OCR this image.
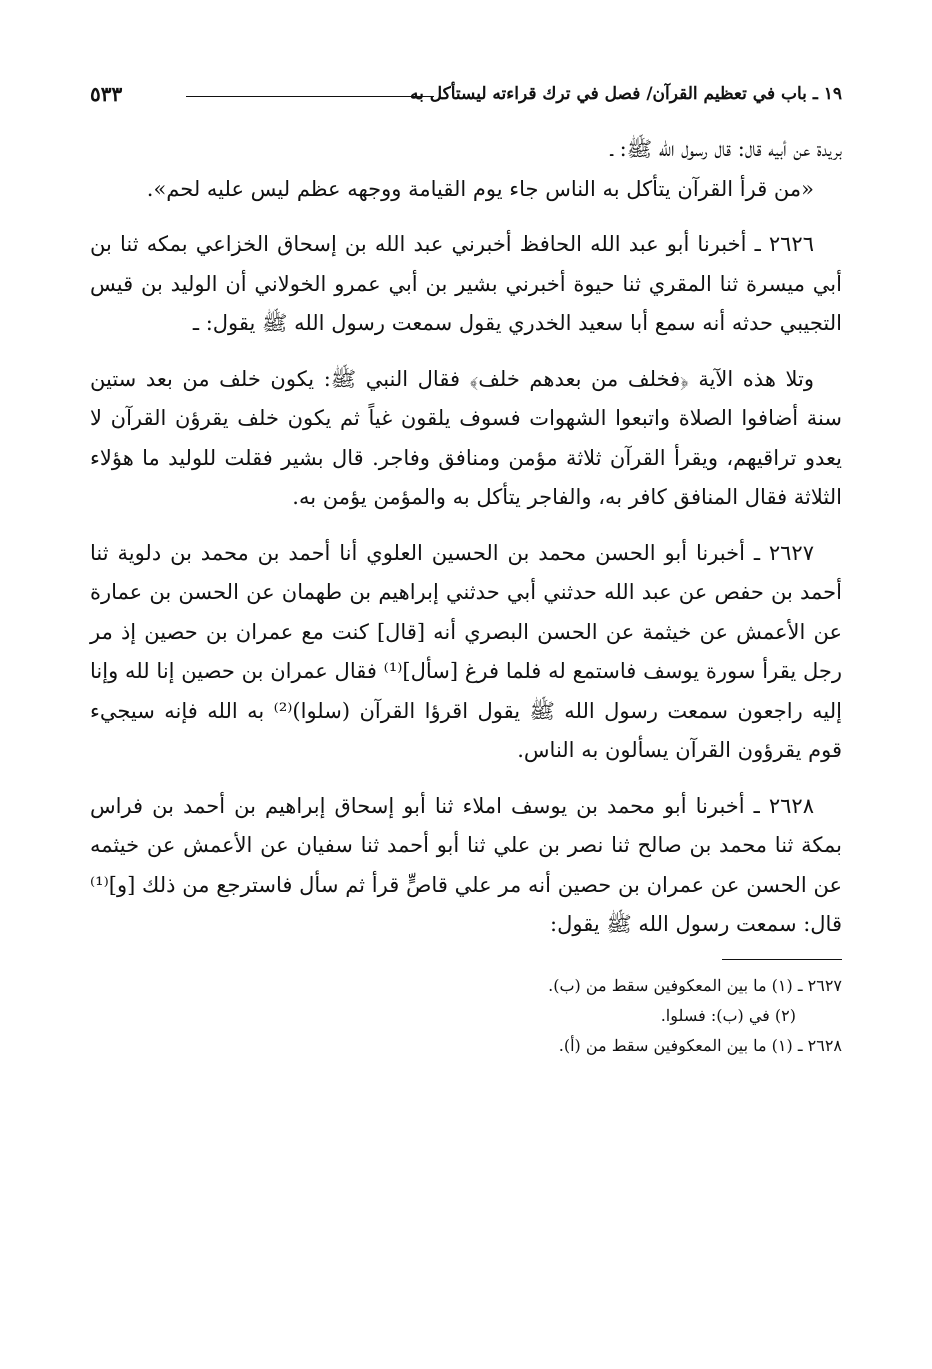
١٩ ـ باب في تعظيم القرآن/ فصل في ترك قراءته ليستأكل به
٥٣٣

بريدة عن أبيه قال: قال رسول الله ﷺ: ـ

«من قرأ القرآن يتأكل به الناس جاء يوم القيامة ووجهه عظم ليس عليه لحم».

٢٦٢٦ ـ أخبرنا أبو عبد الله الحافظ أخبرني عبد الله بن إسحاق الخزاعي بمكه ثنا بن أبي ميسرة ثنا المقري ثنا حيوة أخبرني بشير بن أبي عمرو الخولاني أن الوليد بن قيس التجيبي حدثه أنه سمع أبا سعيد الخدري يقول سمعت رسول الله ﷺ يقول: ـ

وتلا هذه الآية ﴿فخلف من بعدهم خلف﴾ فقال النبي ﷺ: يكون خلف من بعد ستين سنة أضافوا الصلاة واتبعوا الشهوات فسوف يلقون غياً ثم يكون خلف يقرؤن القرآن لا يعدو تراقيهم، ويقرأ القرآن ثلاثة مؤمن ومنافق وفاجر. قال بشير فقلت للوليد ما هؤلاء الثلاثة فقال المنافق كافر به، والفاجر يتأكل به والمؤمن يؤمن به.

٢٦٢٧ ـ أخبرنا أبو الحسن محمد بن الحسين العلوي أنا أحمد بن محمد بن دلوية ثنا أحمد بن حفص عن عبد الله حدثني أبي حدثني إبراهيم بن طهمان عن الحسن بن عمارة عن الأعمش عن خيثمة عن الحسن البصري أنه [قال] كنت مع عمران بن حصين إذ مر رجل يقرأ سورة يوسف فاستمع له فلما فرغ [سأل]⁽¹⁾ فقال عمران بن حصين إنا لله وإنا إليه راجعون سمعت رسول الله ﷺ يقول اقرؤا القرآن (سلوا)⁽²⁾ به الله فإنه سيجيء قوم يقرؤون القرآن يسألون به الناس.

٢٦٢٨ ـ أخبرنا أبو محمد بن يوسف املاء ثنا أبو إسحاق إبراهيم بن أحمد بن فراس بمكة ثنا محمد بن صالح ثنا نصر بن علي ثنا أبو أحمد ثنا سفيان عن الأعمش عن خيثمه عن الحسن عن عمران بن حصين أنه مر علي قاصٍّ قرأ ثم سأل فاسترجع من ذلك [و]⁽¹⁾ قال: سمعت رسول الله ﷺ يقول:

٢٦٢٧ ـ (١) ما بين المعكوفين سقط من (ب).

(٢) في (ب): فسلوا.

٢٦٢٨ ـ (١) ما بين المعكوفين سقط من (أ).
